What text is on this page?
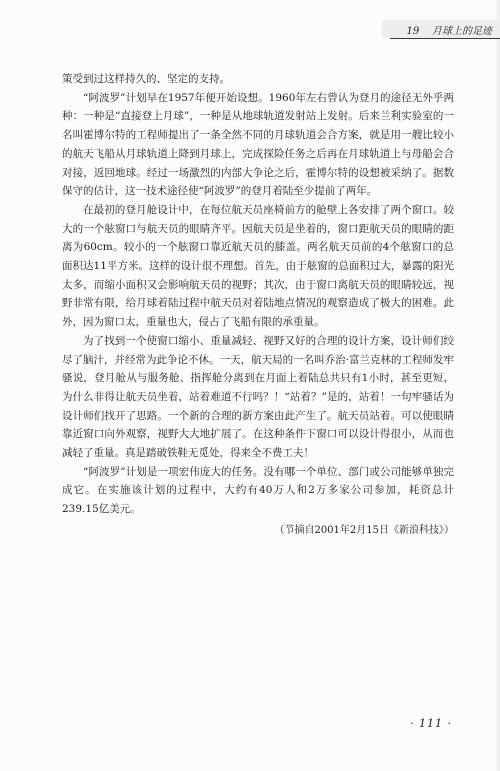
19 月球上的足迹

策受到过这样持久的、坚定的支持。

“阿波罗”计划早在1957年便开始设想。1960年左右曾认为登月的途径无外乎两种：一种是“直接登上月球”，一种是从地球轨道发射站上发射。后来兰利实验室的一名叫霍博尔特的工程师提出了一条全然不同的月球轨道会合方案，就是用一艘比较小的航天飞船从月球轨道上降到月球上，完成探险任务之后再在月球轨道上与母船会合对接，返回地球。经过一场激烈的内部大争论之后，霍博尔特的设想被采纳了。据数保守的估计，这一技术途径使“阿波罗”的登月着陆至少提前了两年。

在最初的登月舱设计中，在每位航天员座椅前方的舱壁上各安排了两个窗口。较大的一个舷窗口与航天员的眼睛齐平。因航天员是坐着的，窗口距航天员的眼睛的距离为60cm。较小的一个舷窗口靠近航天员的膝盖。两名航天员前的4个舷窗口的总面积达11平方米。这样的设计很不理想。首先，由于舷窗的总面积过大，暴露的阳光太多，而缩小面积又会影响航天员的视野；其次，由于窗口离航天员的眼睛较远，视野非常有限，给月球着陆过程中航天员对着陆地点情况的观察造成了极大的困难。此外，因为窗口太，重量也大，侵占了飞船有限的承重量。

为了找到一个使窗口缩小、重量减轻、视野又好的合理的设计方案，设计师们绞尽了脑汁，并经常为此争论不休。一天，航天局的一名叫乔治·富兰克林的工程师发牢骚说，登月舱从与服务舱、指挥舱分离到在月面上着陆总共只有1小时，甚至更短，为什么非得让航天员坐着，站着难道不行吗？！“站着？”是的，站着！一句牢骚话为设计师们找开了思路。一个新的合理的新方案由此产生了。航天员站着。可以使眼睛靠近窗口向外观察，视野大大地扩展了。在这种条件下窗口可以设计得很小，从而也减轻了重量。真是踏破铁鞋无觅处，得来全不费工夫！

“阿波罗”计划是一项宏伟庞大的任务。没有哪一个单位、部门或公司能够单独完成它。在实施该计划的过程中，大约有40万人和2万多家公司参加，耗资总计239.15亿美元。

（节摘自2001年2月15日《新浪科技》）
· 111 ·
